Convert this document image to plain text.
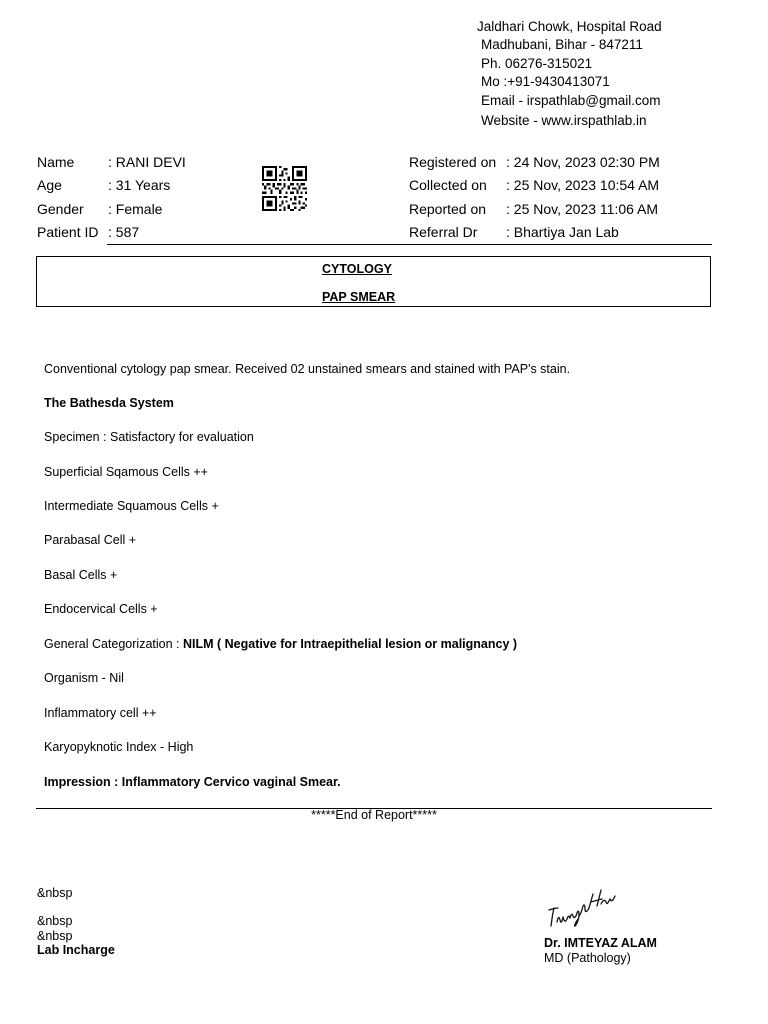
Jaldhari Chowk, Hospital Road
Madhubani, Bihar - 847211
Ph. 06276-315021
Mo :+91-9430413071
Email - irspathlab@gmail.com
Website - www.irspathlab.in
Name : RANI DEVI
Age	: 31 Years
Gender : Female
Patient ID : 587
Registered on : 24 Nov, 2023 02:30 PM
Collected on : 25 Nov, 2023 10:54 AM
Reported on : 25 Nov, 2023 11:06 AM
Referral Dr : Bhartiya Jan Lab
CYTOLOGY
PAP SMEAR
Conventional cytology pap smear. Received 02 unstained smears and stained with PAP's stain.
The Bathesda System
Specimen : Satisfactory for evaluation
Superficial Sqamous Cells ++
Intermediate Squamous Cells +
Parabasal Cell +
Basal Cells +
Endocervical Cells +
General Categorization : NILM ( Negative for Intraepithelial lesion or malignancy )
Organism - Nil
Inflammatory cell ++
Karyopyknotic Index - High
Impression : Inflammatory Cervico vaginal Smear.
*****End of Report*****
&nbsp
&nbsp
&nbsp
Lab Incharge	Dr. IMTEYAZ ALAM
MD (Pathology)
